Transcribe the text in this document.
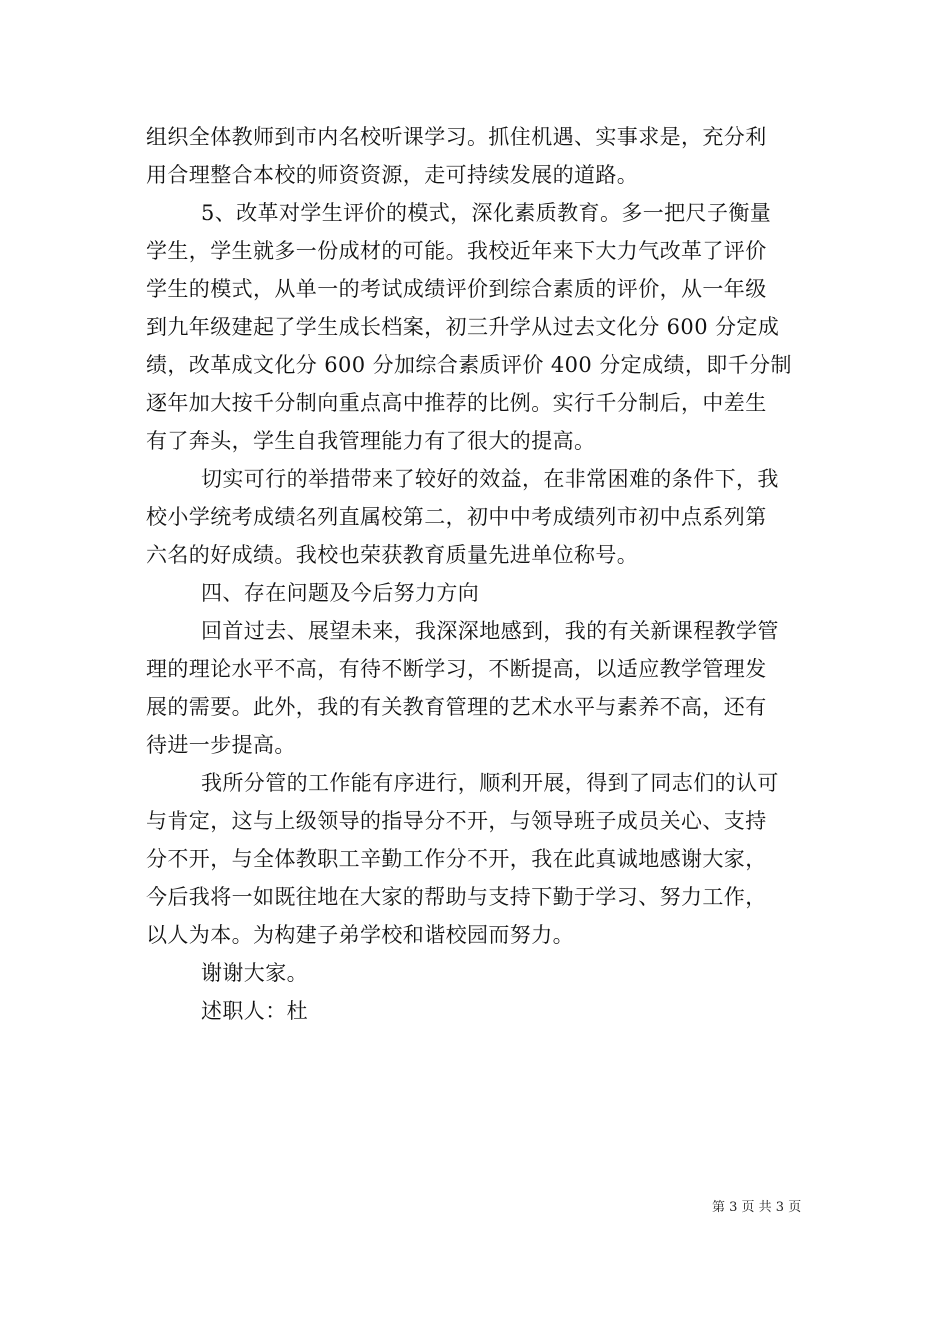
组织全体教师到市内名校听课学习。抓住机遇、实事求是，充分利
用合理整合本校的师资资源，走可持续发展的道路。

5、改革对学生评价的模式，深化素质教育。多一把尺子衡量
学生，学生就多一份成材的可能。我校近年来下大力气改革了评价
学生的模式，从单一的考试成绩评价到综合素质的评价，从一年级
到九年级建起了学生成长档案，初三升学从过去文化分 600 分定成
绩，改革成文化分 600 分加综合素质评价 400 分定成绩，即千分制
逐年加大按千分制向重点高中推荐的比例。实行千分制后，中差生
有了奔头，学生自我管理能力有了很大的提高。

切实可行的举措带来了较好的效益，在非常困难的条件下，我
校小学统考成绩名列直属校第二，初中中考成绩列市初中点系列第
六名的好成绩。我校也荣获教育质量先进单位称号。

四、存在问题及今后努力方向

回首过去、展望未来，我深深地感到，我的有关新课程教学管
理的理论水平不高，有待不断学习，不断提高，以适应教学管理发
展的需要。此外，我的有关教育管理的艺术水平与素养不高，还有
待进一步提高。

我所分管的工作能有序进行，顺利开展，得到了同志们的认可
与肯定，这与上级领导的指导分不开，与领导班子成员关心、支持
分不开，与全体教职工辛勤工作分不开，我在此真诚地感谢大家，
今后我将一如既往地在大家的帮助与支持下勤于学习、努力工作，
以人为本。为构建子弟学校和谐校园而努力。

谢谢大家。

述职人：杜

第 3 页 共 3 页
